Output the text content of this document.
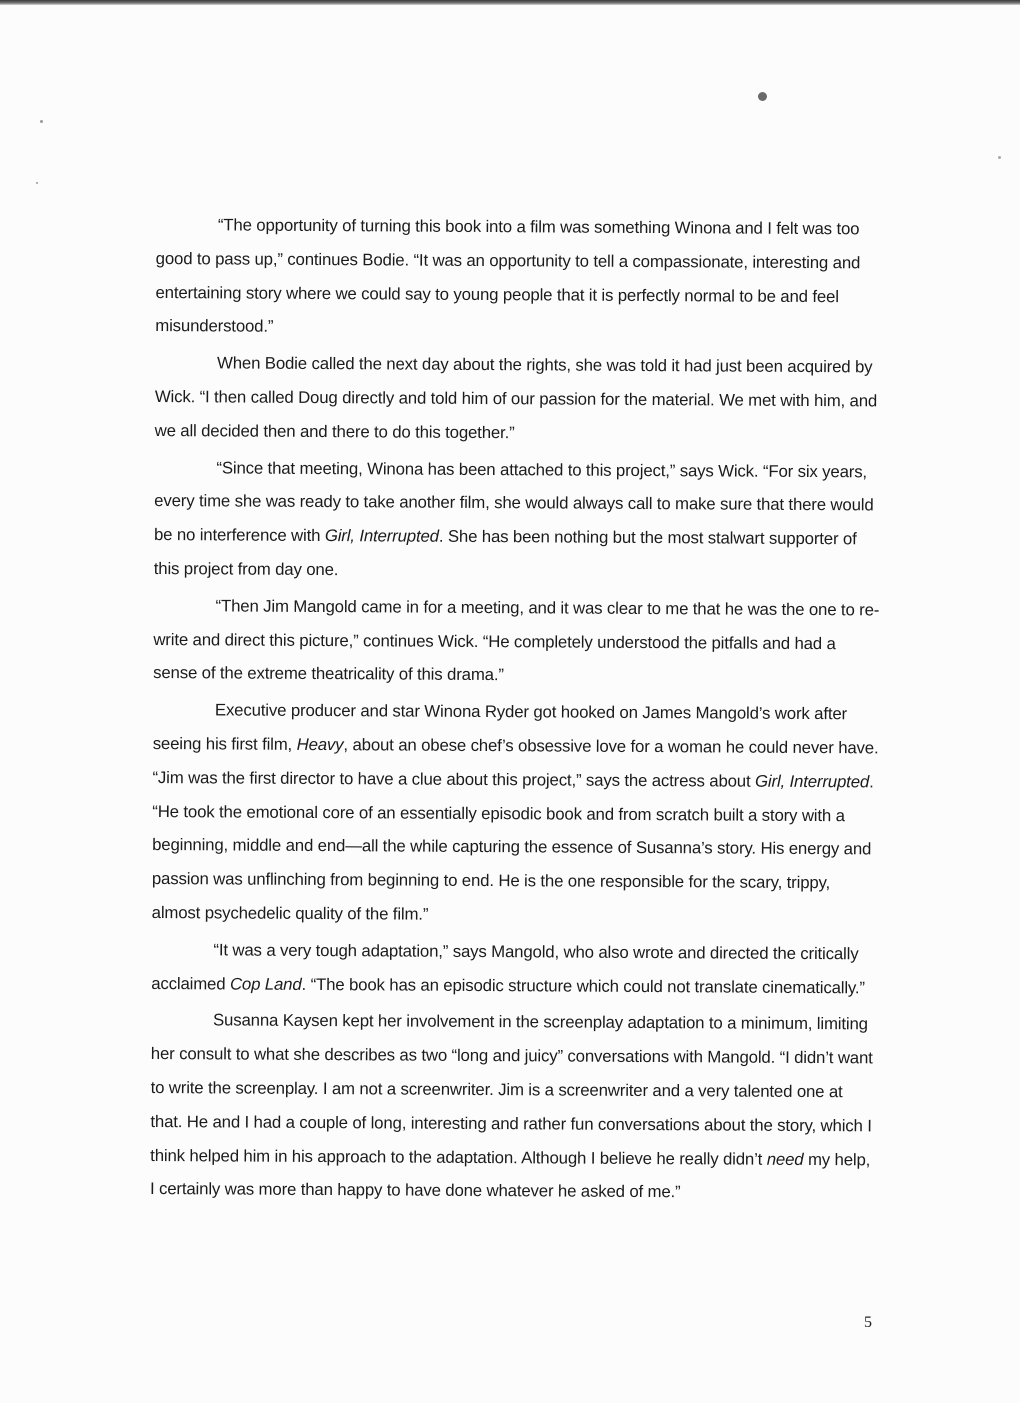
“The opportunity of turning this book into a film was something Winona and I felt was too good to pass up,” continues Bodie. “It was an opportunity to tell a compassionate, interesting and entertaining story where we could say to young people that it is perfectly normal to be and feel misunderstood.”

When Bodie called the next day about the rights, she was told it had just been acquired by Wick. “I then called Doug directly and told him of our passion for the material. We met with him, and we all decided then and there to do this together.”

“Since that meeting, Winona has been attached to this project,” says Wick. “For six years, every time she was ready to take another film, she would always call to make sure that there would be no interference with Girl, Interrupted. She has been nothing but the most stalwart supporter of this project from day one.

“Then Jim Mangold came in for a meeting, and it was clear to me that he was the one to re-write and direct this picture,” continues Wick. “He completely understood the pitfalls and had a sense of the extreme theatricality of this drama.”

Executive producer and star Winona Ryder got hooked on James Mangold’s work after seeing his first film, Heavy, about an obese chef’s obsessive love for a woman he could never have. “Jim was the first director to have a clue about this project,” says the actress about Girl, Interrupted. “He took the emotional core of an essentially episodic book and from scratch built a story with a beginning, middle and end—all the while capturing the essence of Susanna’s story. His energy and passion was unflinching from beginning to end. He is the one responsible for the scary, trippy, almost psychedelic quality of the film.”

“It was a very tough adaptation,” says Mangold, who also wrote and directed the critically acclaimed Cop Land. “The book has an episodic structure which could not translate cinematically.”

Susanna Kaysen kept her involvement in the screenplay adaptation to a minimum, limiting her consult to what she describes as two “long and juicy” conversations with Mangold. “I didn’t want to write the screenplay. I am not a screenwriter. Jim is a screenwriter and a very talented one at that. He and I had a couple of long, interesting and rather fun conversations about the story, which I think helped him in his approach to the adaptation. Although I believe he really didn’t need my help, I certainly was more than happy to have done whatever he asked of me.”

5
